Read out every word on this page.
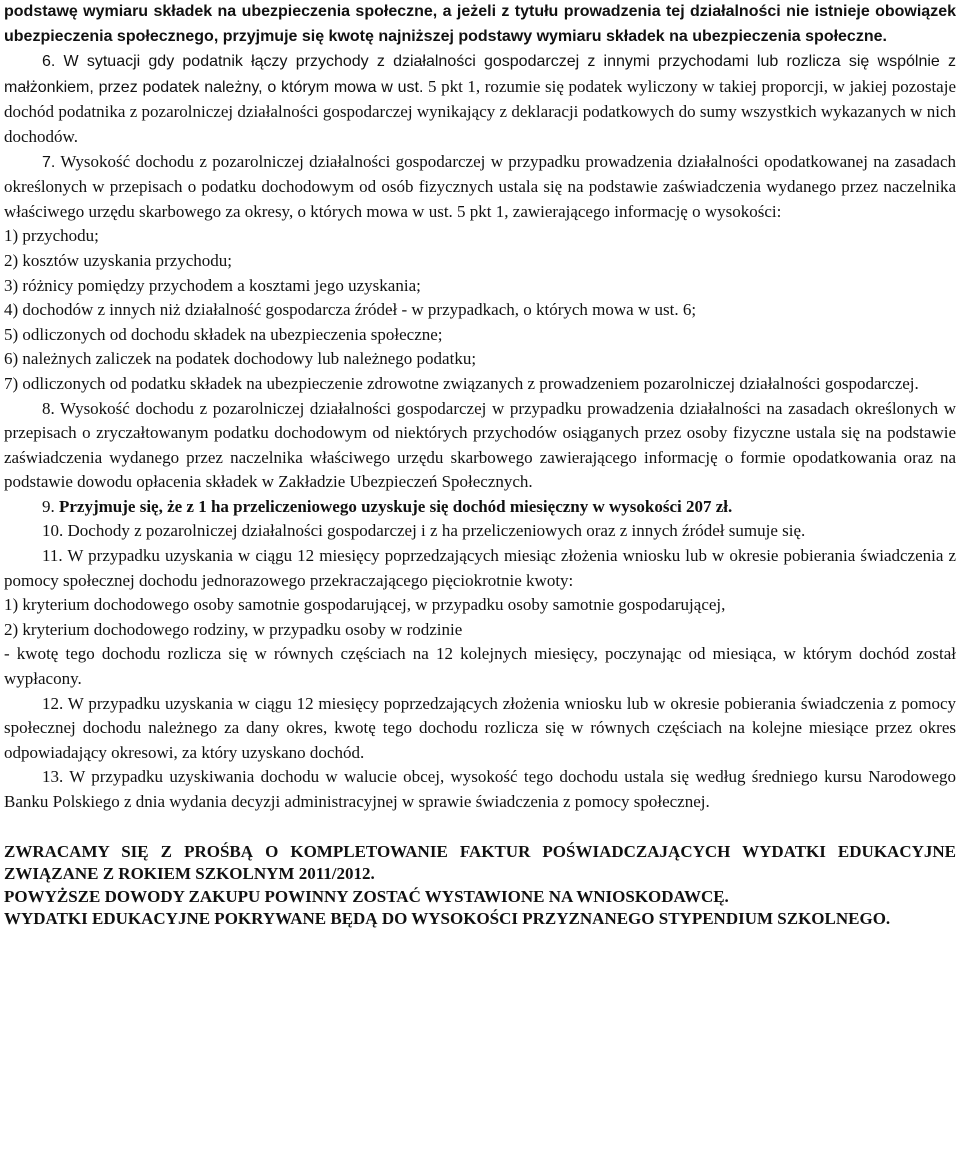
podstawę wymiaru składek na ubezpieczenia społeczne, a jeżeli z tytułu prowadzenia tej działalności nie istnieje obowiązek ubezpieczenia społecznego, przyjmuje się kwotę najniższej podstawy wymiaru składek na ubezpieczenia społeczne.

6. W sytuacji gdy podatnik łączy przychody z działalności gospodarczej z innymi przychodami lub rozlicza się wspólnie z małżonkiem, przez podatek należny, o którym mowa w ust. 5 pkt 1, rozumie się podatek wyliczony w takiej proporcji, w jakiej pozostaje dochód podatnika z pozarolniczej działalności gospodarczej wynikający z deklaracji podatkowych do sumy wszystkich wykazanych w nich dochodów.

7. Wysokość dochodu z pozarolniczej działalności gospodarczej w przypadku prowadzenia działalności opodatkowanej na zasadach określonych w przepisach o podatku dochodowym od osób fizycznych ustala się na podstawie zaświadczenia wydanego przez naczelnika właściwego urzędu skarbowego za okresy, o których mowa w ust. 5 pkt 1, zawierającego informację o wysokości:

1) przychodu;

2) kosztów uzyskania przychodu;

3) różnicy pomiędzy przychodem a kosztami jego uzyskania;

4) dochodów z innych niż działalność gospodarcza źródeł - w przypadkach, o których mowa w ust. 6;

5) odliczonych od dochodu składek na ubezpieczenia społeczne;

6) należnych zaliczek na podatek dochodowy lub należnego podatku;

7) odliczonych od podatku składek na ubezpieczenie zdrowotne związanych z prowadzeniem pozarolniczej działalności gospodarczej.

8. Wysokość dochodu z pozarolniczej działalności gospodarczej w przypadku prowadzenia działalności na zasadach określonych w przepisach o zryczałtowanym podatku dochodowym od niektórych przychodów osiąganych przez osoby fizyczne ustala się na podstawie zaświadczenia wydanego przez naczelnika właściwego urzędu skarbowego zawierającego informację o formie opodatkowania oraz na podstawie dowodu opłacenia składek w Zakładzie Ubezpieczeń Społecznych.

9. Przyjmuje się, że z 1 ha przeliczeniowego uzyskuje się dochód miesięczny w wysokości 207 zł.

10. Dochody z pozarolniczej działalności gospodarczej i z ha przeliczeniowych oraz z innych źródeł sumuje się.

11. W przypadku uzyskania w ciągu 12 miesięcy poprzedzających miesiąc złożenia wniosku lub w okresie pobierania świadczenia z pomocy społecznej dochodu jednorazowego przekraczającego pięciokrotnie kwoty:

1) kryterium dochodowego osoby samotnie gospodarującej, w przypadku osoby samotnie gospodarującej,

2) kryterium dochodowego rodziny, w przypadku osoby w rodzinie

- kwotę tego dochodu rozlicza się w równych częściach na 12 kolejnych miesięcy, poczynając od miesiąca, w którym dochód został wypłacony.

12. W przypadku uzyskania w ciągu 12 miesięcy poprzedzających złożenia wniosku lub w okresie pobierania świadczenia z pomocy społecznej dochodu należnego za dany okres, kwotę tego dochodu rozlicza się w równych częściach na kolejne miesiące przez okres odpowiadający okresowi, za który uzyskano dochód.

13. W przypadku uzyskiwania dochodu w walucie obcej, wysokość tego dochodu ustala się według średniego kursu Narodowego Banku Polskiego z dnia wydania decyzji administracyjnej w sprawie świadczenia z pomocy społecznej.

ZWRACAMY SIĘ Z PROŚBĄ O KOMPLETOWANIE FAKTUR POŚWIADCZAJĄCYCH WYDATKI EDUKACYJNE ZWIĄZANE Z ROKIEM SZKOLNYM 2011/2012.

POWYŻSZE DOWODY ZAKUPU POWINNY ZOSTAĆ WYSTAWIONE NA WNIOSKODAWCĘ.

WYDATKI EDUKACYJNE POKRYWANE BĘDĄ DO WYSOKOŚCI PRZYZNANEGO STYPENDIUM SZKOLNEGO.
